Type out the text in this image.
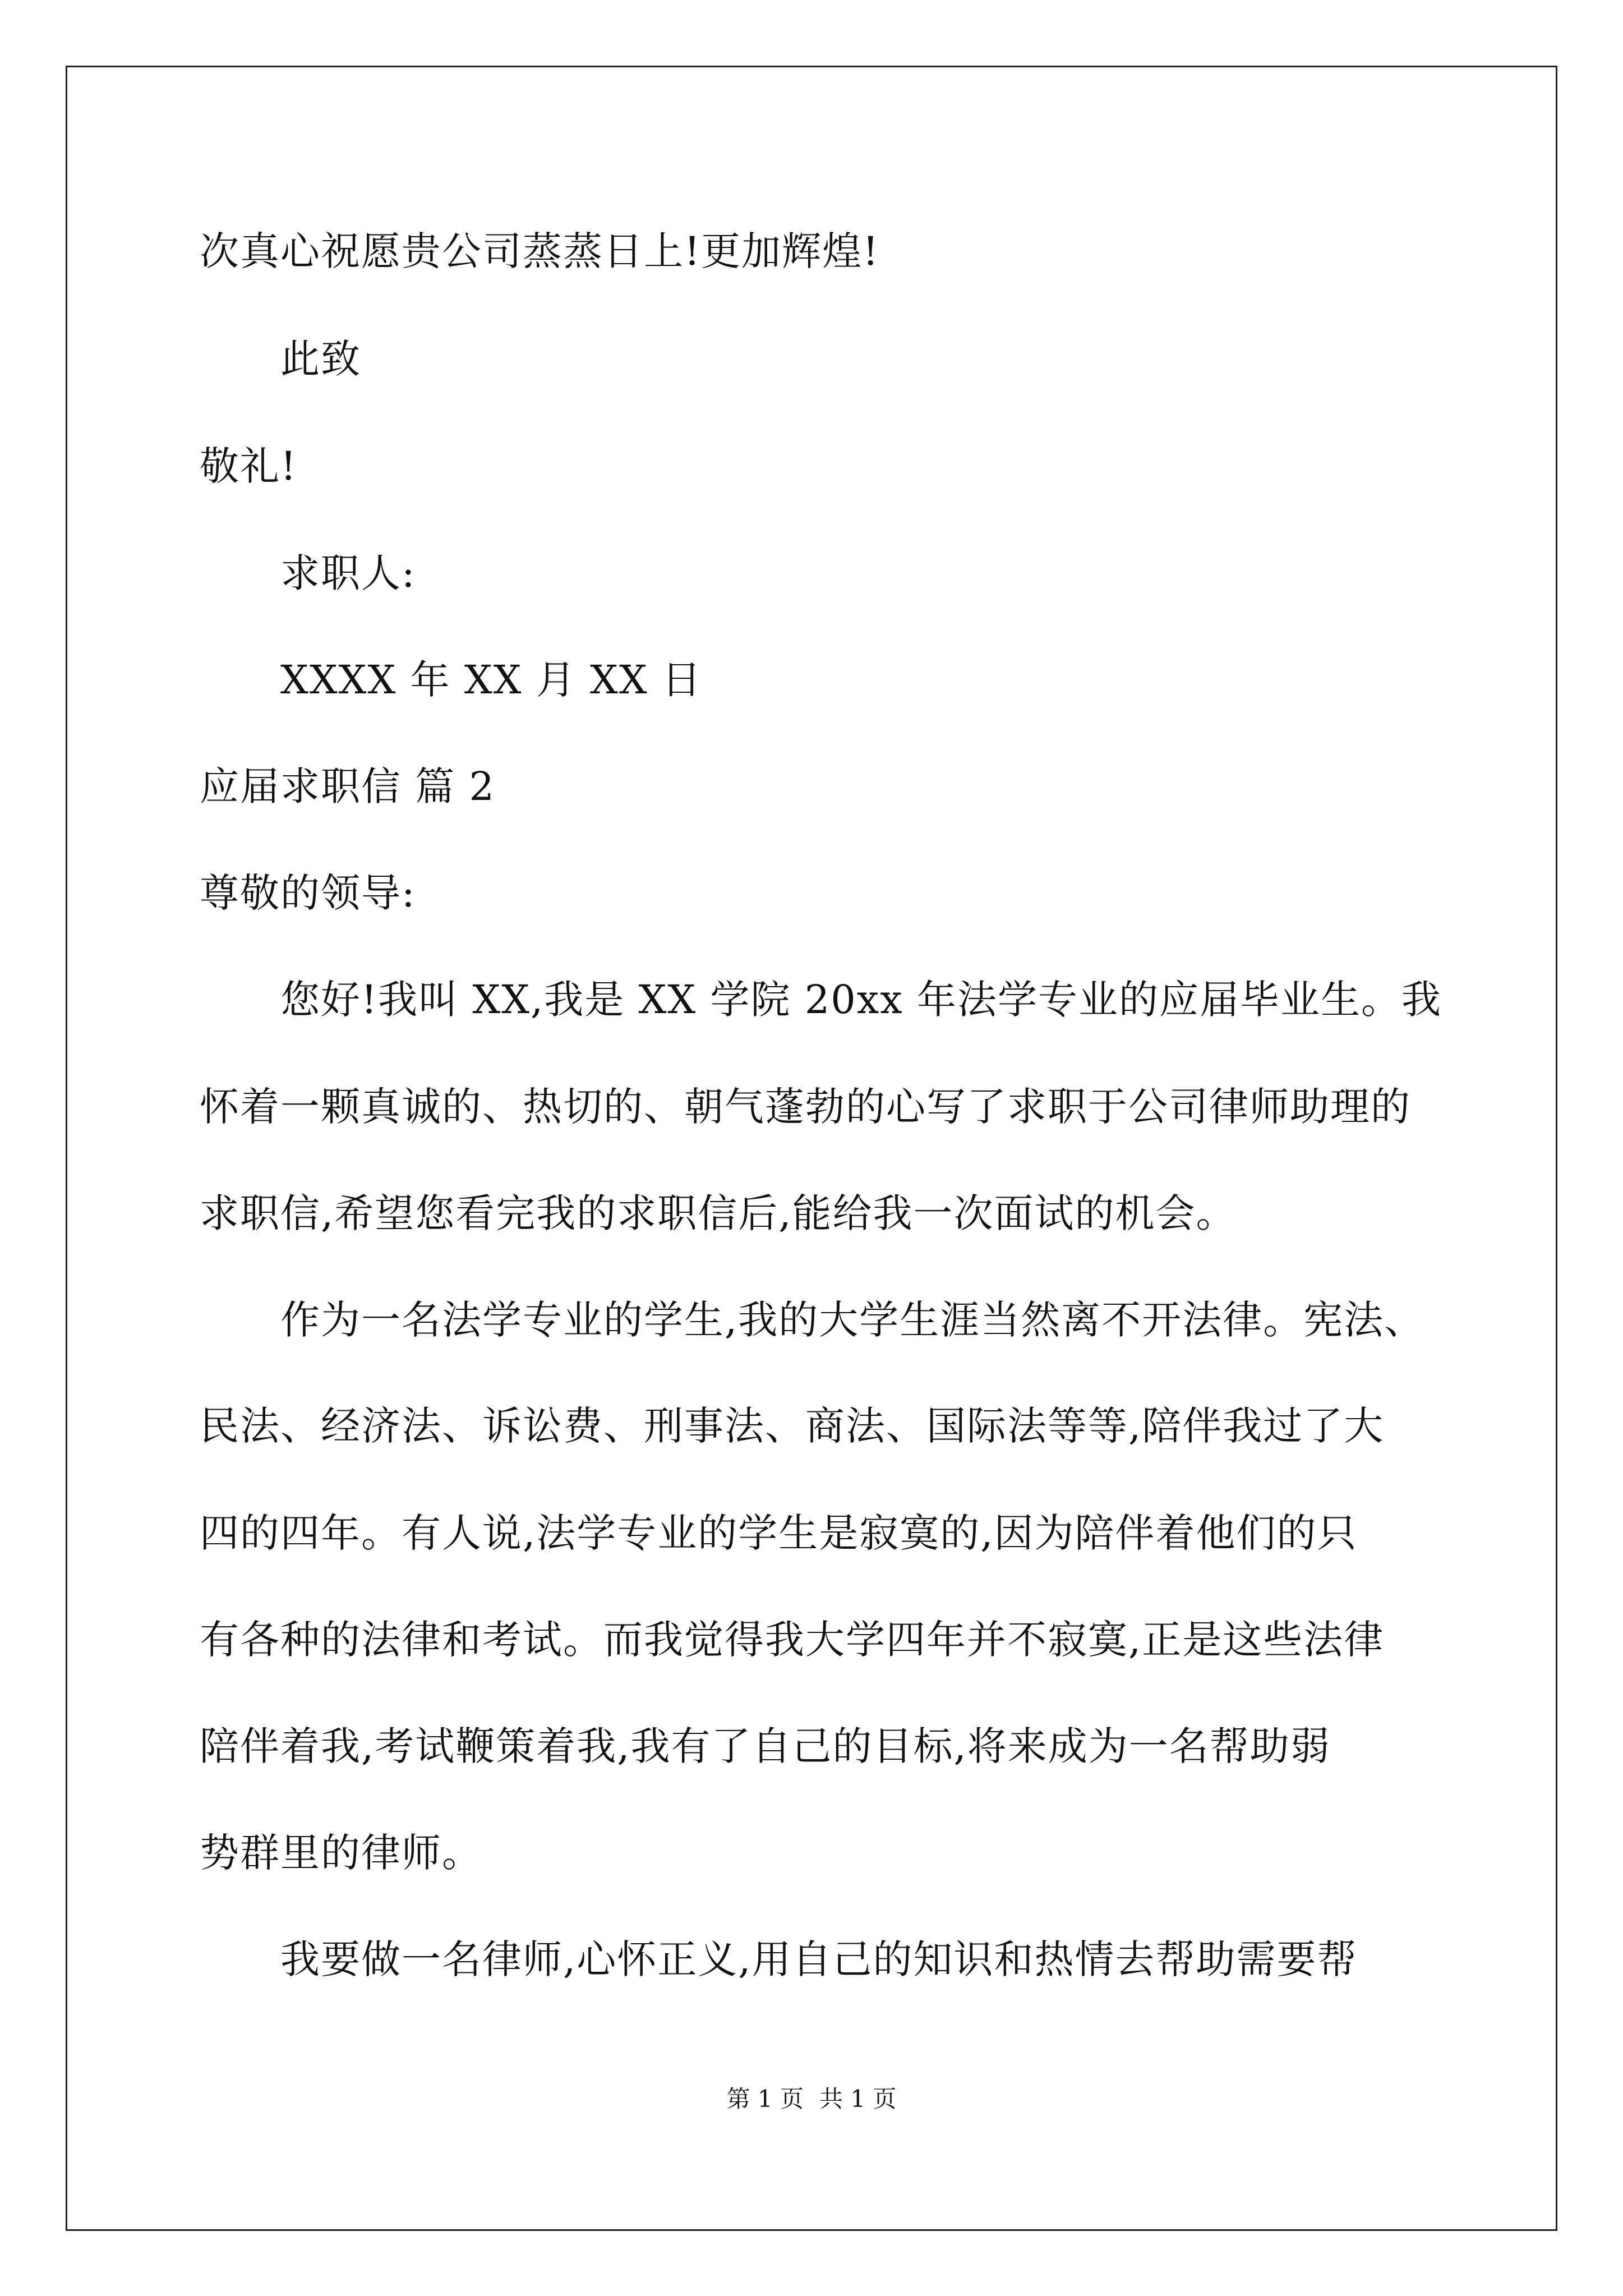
次真心祝愿贵公司蒸蒸日上!更加辉煌!
此致
敬礼!
求职人:
XXXX 年 XX 月 XX 日
应届求职信 篇 2
尊敬的领导:
您好!我叫 XX,我是 XX 学院 20xx 年法学专业的应届毕业生。我
怀着一颗真诚的、热切的、朝气蓬勃的心写了求职于公司律师助理的
求职信,希望您看完我的求职信后,能给我一次面试的机会。
作为一名法学专业的学生,我的大学生涯当然离不开法律。宪法、
民法、经济法、诉讼费、刑事法、商法、国际法等等,陪伴我过了大
四的四年。有人说,法学专业的学生是寂寞的,因为陪伴着他们的只
有各种的法律和考试。而我觉得我大学四年并不寂寞,正是这些法律
陪伴着我,考试鞭策着我,我有了自己的目标,将来成为一名帮助弱
势群里的律师。
我要做一名律师,心怀正义,用自己的知识和热情去帮助需要帮
第 1 页 共 1 页
